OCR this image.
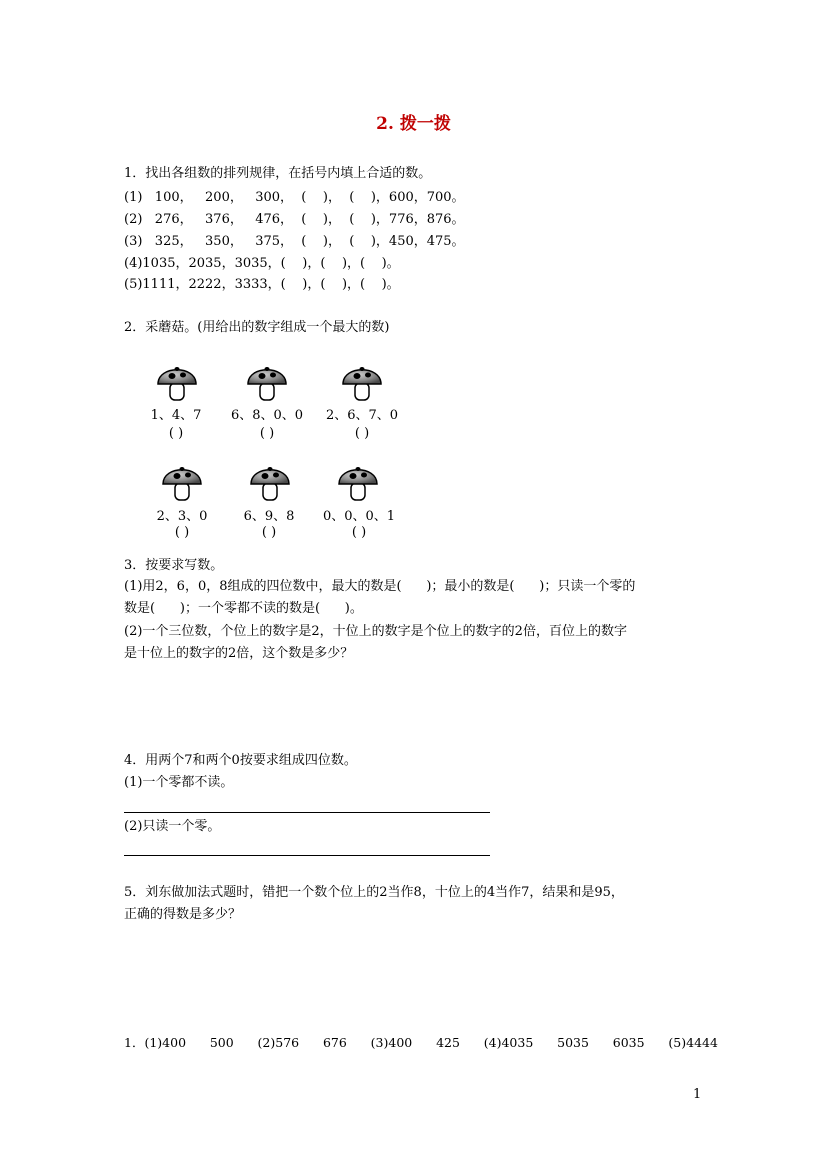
2. 拨一拨
1．找出各组数的排列规律，在括号内填上合适的数。
(1)   100，   200，   300，  (    )，  (    )，600，700。
(2)   276，   376，   476，  (    )，  (    )，776，876。
(3)   325，   350，   375，  (    )，  (    )，450，475。
(4)1035，2035，3035，(    )，(    )，(    )。
(5)1111，2222，3333，(    )，(    )，(    )。
2．采蘑菇。(用给出的数字组成一个最大的数)
1、4、7	6、8、0、0	2、6、7、0
( )	( )	( )
2、3、0	6、9、8	0、0、0、1
( )	( )	( )
3．按要求写数。
(1)用2，6，0，8组成的四位数中，最大的数是(      )；最小的数是(      )；只读一个零的
数是(      )；一个零都不读的数是(      )。
(2)一个三位数，个位上的数字是2，十位上的数字是个位上的数字的2倍，百位上的数字
是十位上的数字的2倍，这个数是多少？
4．用两个7和两个0按要求组成四位数。
(1)一个零都不读。
(2)只读一个零。
5．刘东做加法式题时，错把一个数个位上的2当作8，十位上的4当作7，结果和是95，
正确的得数是多少？
1．(1)400      500      (2)576      676      (3)400      425      (4)4035      5035      6035      (5)4444
1
